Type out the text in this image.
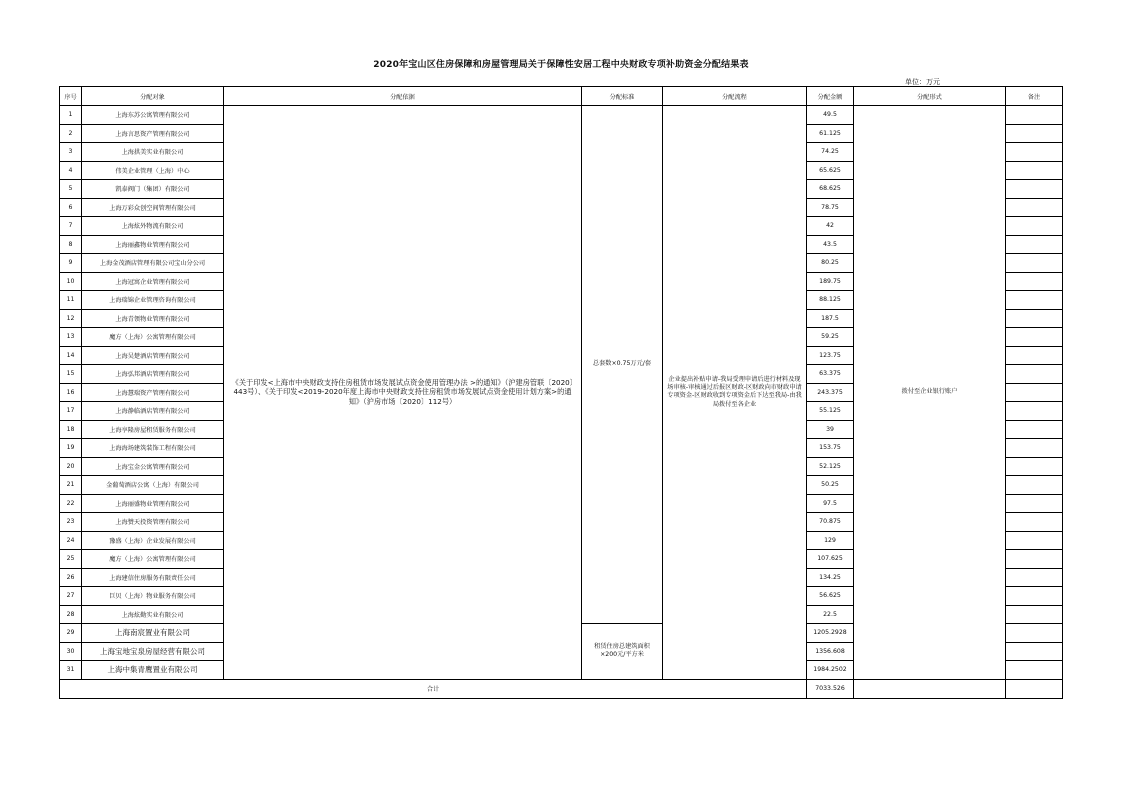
2020年宝山区住房保障和房屋管理局关于保障性安居工程中央财政专项补助资金分配结果表
单位：万元
序号	分配对象	分配依据	分配标准	分配流程	分配金额	分配形式	备注
1	上海东苏公寓管理有限公司	《关于印发<上海市中央财政支持住房租赁市场发展试点资金使用管理办法 >的通知》（沪建房管联〔2020〕443号）、《关于印发<2019-2020年度上海市中央财政支持住房租赁市场发展试点资金使用计划方案>的通知》（沪房市场〔2020〕112号）	总套数×0.75万元/套	企业提出补贴申请-我局受理申请后进行材料及现场审核-审核通过后报区财政-区财政向市财政申请专项资金-区财政收到专项资金后下达至我局-由我局拨付至各企业	49.5	拨付至企业银行账户	
2	上海言思资产管理有限公司				61.125		
3	上海拱美实业有限公司				74.25		
4	伟美企业管理（上海）中心				65.625		
5	凯泰阀门（集团）有限公司				68.625		
6	上海万彩众创空间管理有限公司				78.75		
7	上海炫外物流有限公司				42		
8	上海丽鑫物业管理有限公司				43.5		
9	上海金茂酒店管理有限公司宝山分公司				80.25		
10	上海冠寓企业管理有限公司				189.75		
11	上海瑞锦企业管理咨询有限公司				88.125		
12	上海青領物业管理有限公司				187.5		
13	魔方（上海）公寓管理有限公司				59.25		
14	上海吴楚酒店管理有限公司				123.75		
15	上海弘邦酒店管理有限公司				63.375		
16	上海慧瑞资产管理有限公司				243.375		
17	上海静临酒店管理有限公司				55.125		
18	上海享隆房屋租赁服务有限公司				39		
19	上海海场建筑装饰工程有限公司				153.75		
20	上海宝金公寓管理有限公司				52.125		
21	金葡萄酒店公寓（上海）有限公司				50.25		
22	上海丽盛物业管理有限公司				97.5		
23	上海赞天投资管理有限公司				70.875		
24	豫盛（上海）企业发展有限公司				129		
25	魔方（上海）公寓管理有限公司				107.625		
26	上海建信住房服务有限责任公司				134.25		
27	巨贝（上海）物业服务有限公司				56.625		
28	上海炫勤实业有限公司				22.5		
29	上海南宸置业有限公司		租赁住房总建筑面积×200元/平方米		1205.2928		
30	上海宝地宝泉房屋经营有限公司				1356.608		
31	上海中集青鹰置业有限公司				1984.2502		
合计					7033.526		
